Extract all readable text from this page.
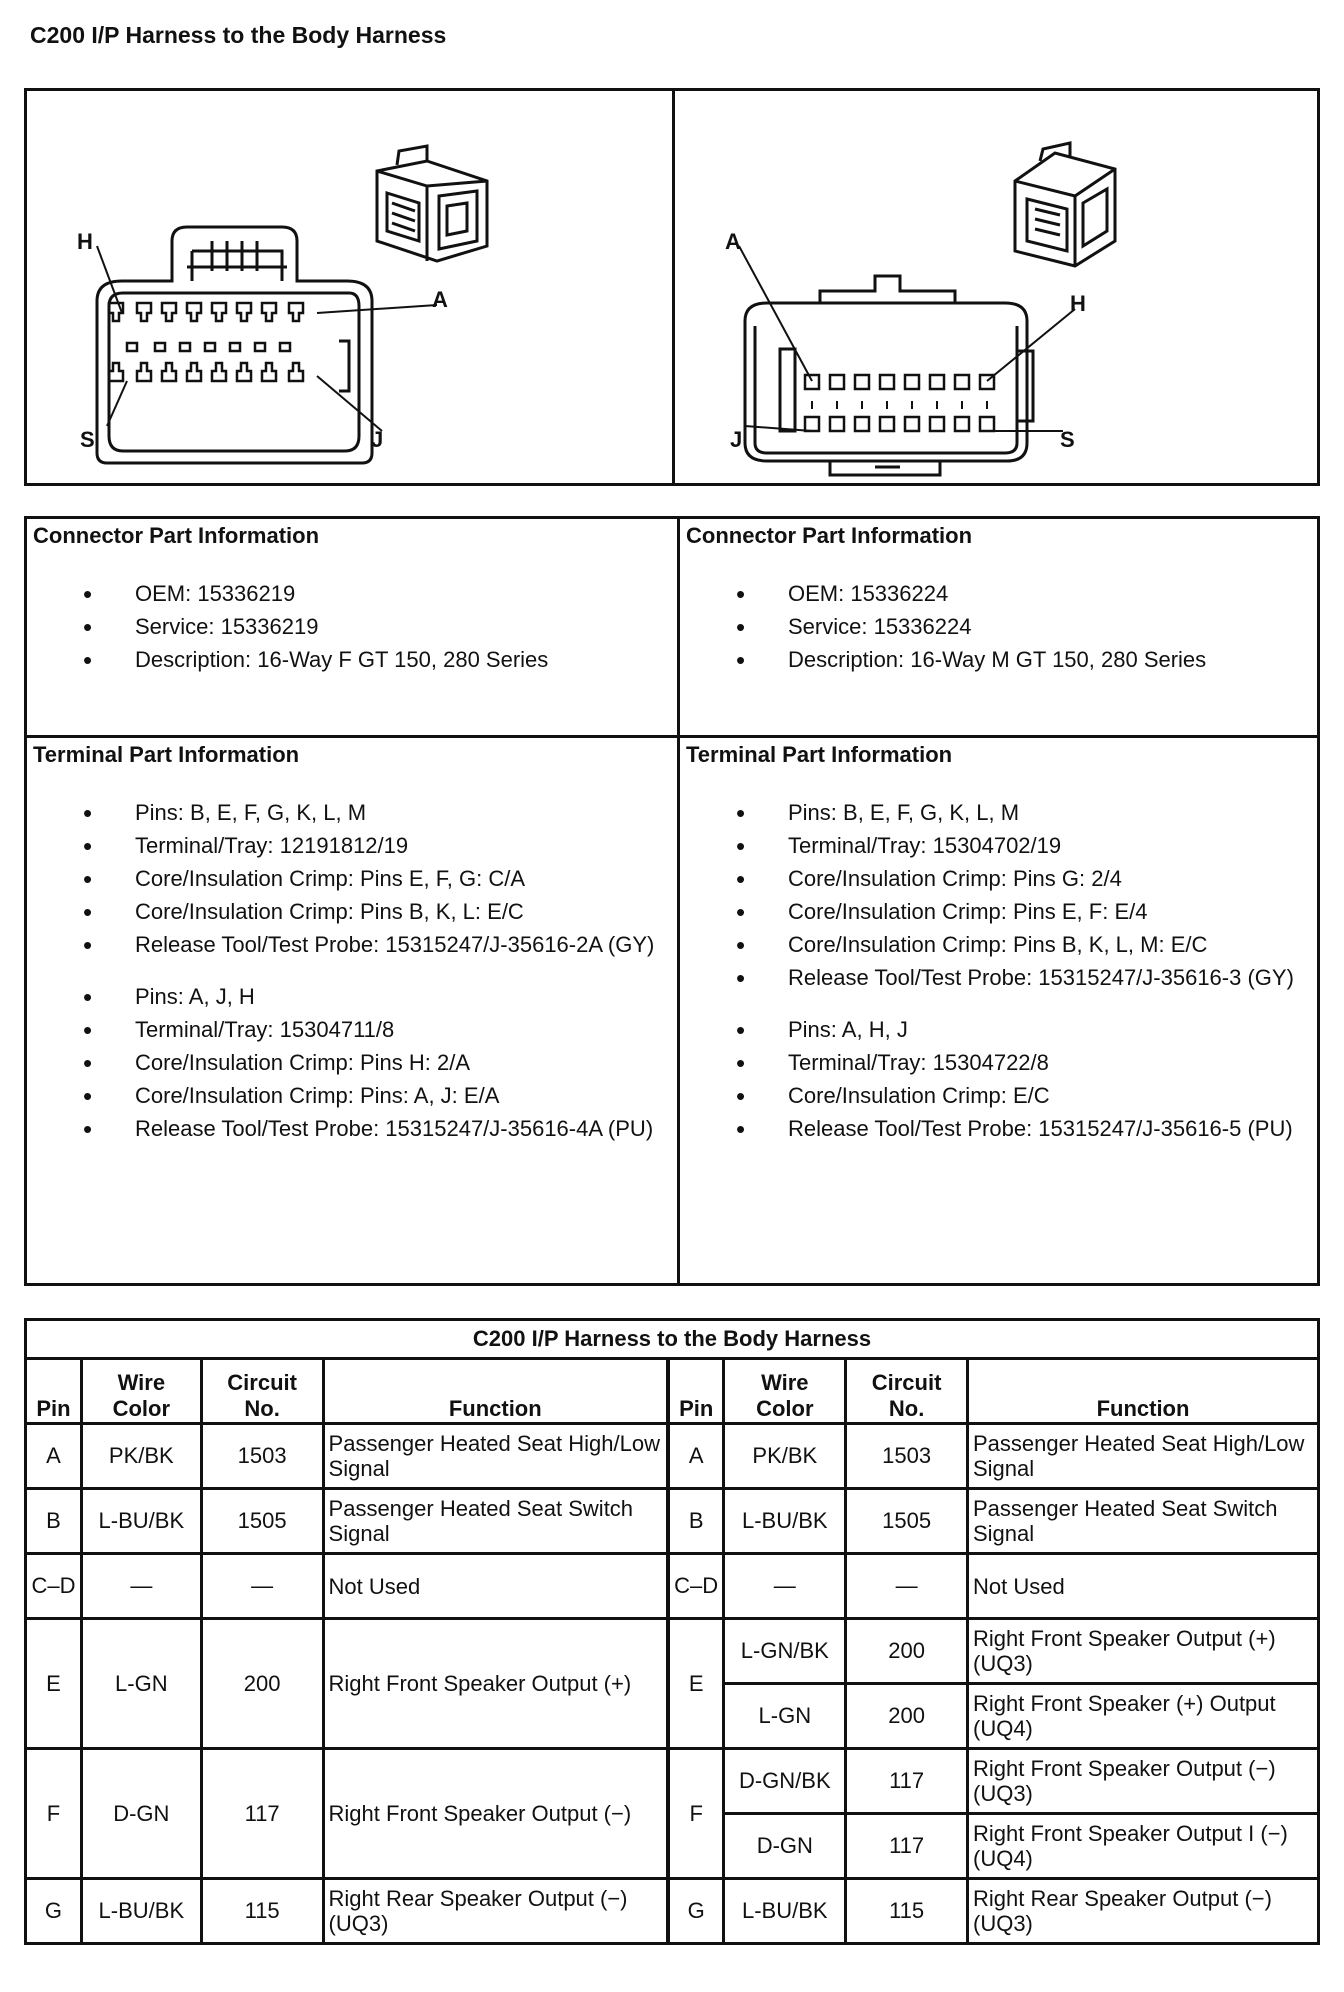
C200 I/P Harness to the Body Harness
H
A
S	J
A
H
J	S
Connector Part Information
• OEM: 15336219
• Service: 15336219
• Description: 16-Way F GT 150, 280 Series
Connector Part Information
• OEM: 15336224
• Service: 15336224
• Description: 16-Way M GT 150, 280 Series
Terminal Part Information
• Pins: B, E, F, G, K, L, M
• Terminal/Tray: 12191812/19
• Core/Insulation Crimp: Pins E, F, G: C/A
• Core/Insulation Crimp: Pins B, K, L: E/C
• Release Tool/Test Probe: 15315247/J-35616-2A (GY)
• Pins: A, J, H
• Terminal/Tray: 15304711/8
• Core/Insulation Crimp: Pins H: 2/A
• Core/Insulation Crimp: Pins: A, J: E/A
• Release Tool/Test Probe: 15315247/J-35616-4A (PU)
Terminal Part Information
• Pins: B, E, F, G, K, L, M
• Terminal/Tray: 15304702/19
• Core/Insulation Crimp: Pins G: 2/4
• Core/Insulation Crimp: Pins E, F: E/4
• Core/Insulation Crimp: Pins B, K, L, M: E/C
• Release Tool/Test Probe: 15315247/J-35616-3 (GY)
• Pins: A, H, J
• Terminal/Tray: 15304722/8
• Core/Insulation Crimp: E/C
• Release Tool/Test Probe: 15315247/J-35616-5 (PU)
C200 I/P Harness to the Body Harness							
Pin	Wire Color	Circuit No.	Function	Pin	Wire Color	Circuit No.	Function
A	PK/BK	1503	Passenger Heated Seat High/Low Signal	A	PK/BK	1503	Passenger Heated Seat High/Low Signal
B	L-BU/BK	1505	Passenger Heated Seat Switch Signal	B	L-BU/BK	1505	Passenger Heated Seat Switch Signal
C–D	—	—	Not Used	C–D	—	—	Not Used
E	L-GN	200	Right Front Speaker Output (+)	E	L-GN/BK	200	Right Front Speaker Output (+) (UQ3)
					L-GN	200	Right Front Speaker (+) Output (UQ4)
F	D-GN	117	Right Front Speaker Output (−)	F	D-GN/BK	117	Right Front Speaker Output (−) (UQ3)
					D-GN	117	Right Front Speaker Output I (−) (UQ4)
G	L-BU/BK	115	Right Rear Speaker Output (−) (UQ3)	G	L-BU/BK	115	Right Rear Speaker Output (−) (UQ3)
